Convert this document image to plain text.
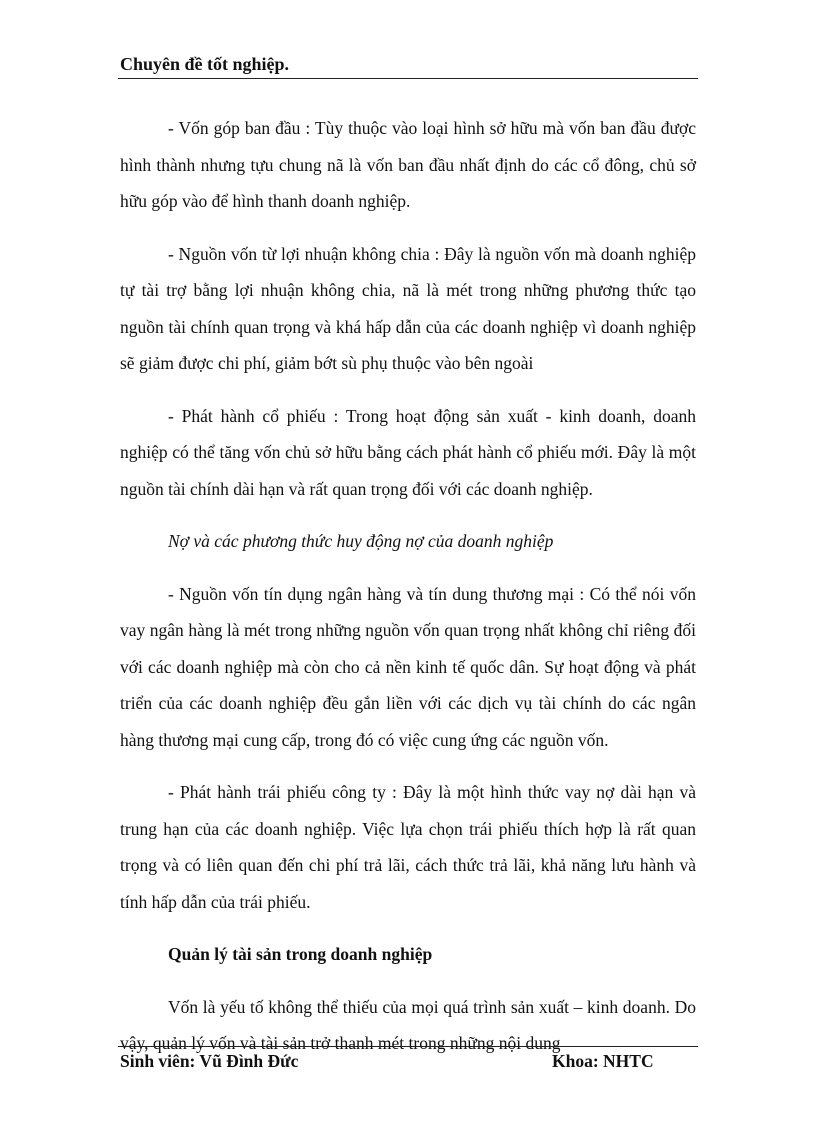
Chuyên đề tốt nghiệp.

- Vốn góp ban đầu : Tùy thuộc vào loại hình sở hữu mà vốn ban đầu được hình thành nhưng tựu chung nã là vốn ban đầu nhất định do các cổ đông, chủ sở hữu góp vào để hình thanh doanh nghiệp.

- Nguồn vốn từ lợi nhuận không chia : Đây là nguồn vốn mà doanh nghiệp tự tài trợ bằng lợi nhuận không chia, nã là mét trong những phương thức tạo nguồn tài chính quan trọng và khá hấp dẫn của các doanh nghiệp vì doanh nghiệp sẽ giảm được chi phí, giảm bớt sù phụ thuộc vào bên ngoài

- Phát hành cổ phiếu : Trong hoạt động sản xuất - kinh doanh, doanh nghiệp có thể tăng vốn chủ sở hữu bằng cách phát hành cổ phiếu mới. Đây là một nguồn tài chính dài hạn và rất quan trọng đối với các doanh nghiệp.

Nợ và các phương thức huy động nợ của doanh nghiệp

- Nguồn vốn tín dụng ngân hàng và tín dung thương mại : Có thể nói vốn vay ngân hàng là mét trong những nguồn vốn quan trọng nhất không chỉ riêng đối với các doanh nghiệp mà còn cho cả nền kinh tế quốc dân. Sự hoạt động và phát triển của các doanh nghiệp đều gắn liền với các dịch vụ tài chính do các ngân hàng thương mại cung cấp, trong đó có việc cung ứng các nguồn vốn.

- Phát hành trái phiếu công ty : Đây là một hình thức vay nợ dài hạn và trung hạn của các doanh nghiệp. Việc lựa chọn trái phiếu thích hợp là rất quan trọng và có liên quan đến chi phí trả lãi, cách thức trả lãi, khả năng lưu hành và tính hấp dẫn của trái phiếu.

Quản lý tài sản trong doanh nghiệp

Vốn là yếu tố không thể thiếu của mọi quá trình sản xuất – kinh doanh. Do vậy, quản lý vốn và tài sản trở thanh mét trong những nội dung

Sinh viên: Vũ Đình Đức	Khoa: NHTC
